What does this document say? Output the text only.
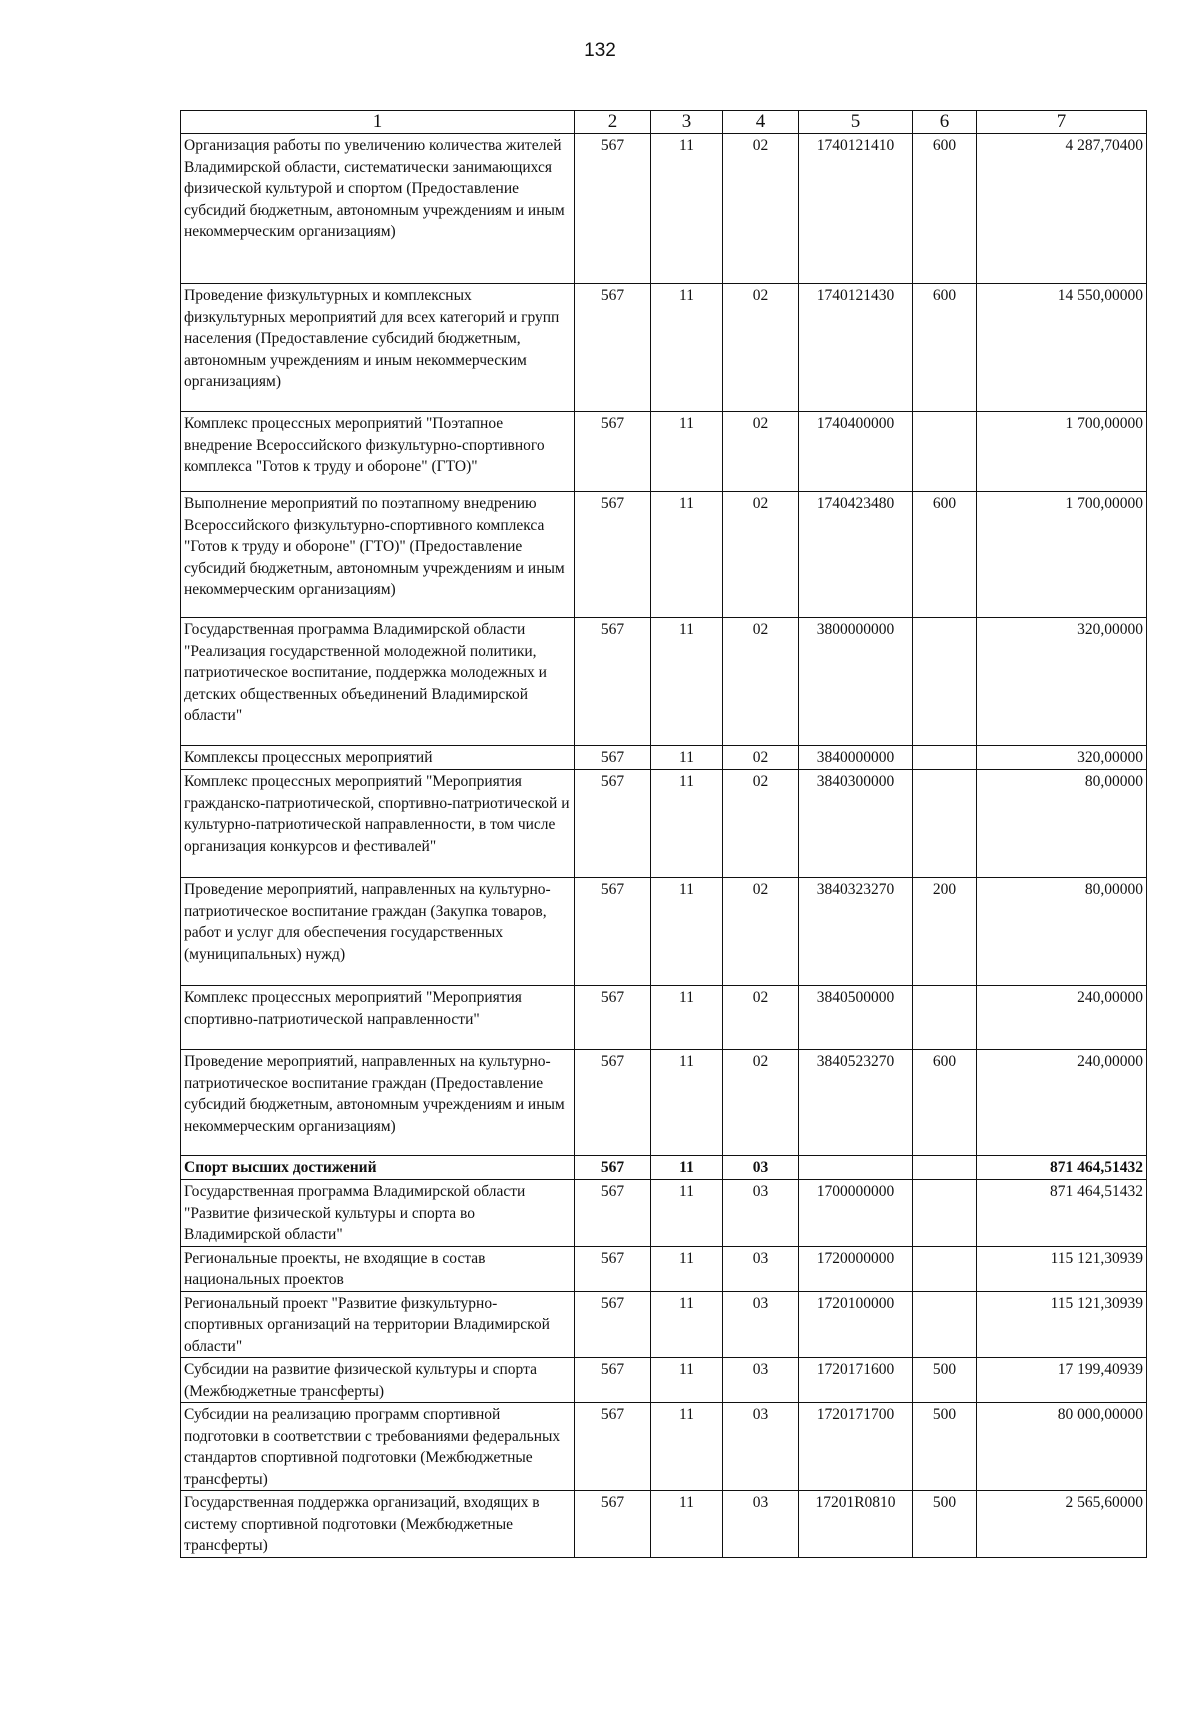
132
1	2	3	4	5	6	7
Организация работы по увеличению количества жителей Владимирской области, систематически занимающихся физической культурой и спортом (Предоставление субсидий бюджетным, автономным учреждениям и иным некоммерческим организациям)	567	11	02	1740121410	600	4 287,70400
Проведение физкультурных и комплексных физкультурных мероприятий для всех категорий и групп населения (Предоставление субсидий бюджетным, автономным учреждениям и иным некоммерческим организациям)	567	11	02	1740121430	600	14 550,00000
Комплекс процессных мероприятий "Поэтапное внедрение Всероссийского физкультурно-спортивного комплекса "Готов к труду и обороне" (ГТО)"	567	11	02	1740400000		1 700,00000
Выполнение мероприятий по поэтапному внедрению Всероссийского физкультурно-спортивного комплекса "Готов к труду и обороне" (ГТО)" (Предоставление субсидий бюджетным, автономным учреждениям и иным некоммерческим организациям)	567	11	02	1740423480	600	1 700,00000
Государственная программа Владимирской области "Реализация государственной молодежной политики, патриотическое воспитание, поддержка молодежных и детских общественных объединений Владимирской области"	567	11	02	3800000000		320,00000
Комплексы процессных мероприятий	567	11	02	3840000000		320,00000
Комплекс процессных мероприятий "Мероприятия гражданско-патриотической, спортивно-патриотической и культурно-патриотической направленности, в том числе организация конкурсов и фестивалей"	567	11	02	3840300000		80,00000
Проведение мероприятий, направленных на культурно-патриотическое воспитание граждан (Закупка товаров, работ и услуг для обеспечения государственных (муниципальных) нужд)	567	11	02	3840323270	200	80,00000
Комплекс процессных мероприятий "Мероприятия спортивно-патриотической направленности"	567	11	02	3840500000		240,00000
Проведение мероприятий, направленных на культурно-патриотическое воспитание граждан (Предоставление субсидий бюджетным, автономным учреждениям и иным некоммерческим организациям)	567	11	02	3840523270	600	240,00000
Спорт высших достижений	567	11	03			871 464,51432
Государственная программа Владимирской области "Развитие физической культуры и спорта во Владимирской области"	567	11	03	1700000000		871 464,51432
Региональные проекты, не входящие в состав национальных проектов	567	11	03	1720000000		115 121,30939
Региональный проект "Развитие физкультурно-спортивных организаций на территории Владимирской области"	567	11	03	1720100000		115 121,30939
Субсидии на развитие физической культуры и спорта (Межбюджетные трансферты)	567	11	03	1720171600	500	17 199,40939
Субсидии на реализацию программ спортивной подготовки в соответствии с требованиями федеральных стандартов спортивной подготовки (Межбюджетные трансферты)	567	11	03	1720171700	500	80 000,00000
Государственная поддержка организаций, входящих в систему спортивной подготовки (Межбюджетные трансферты)	567	11	03	17201R0810	500	2 565,60000
